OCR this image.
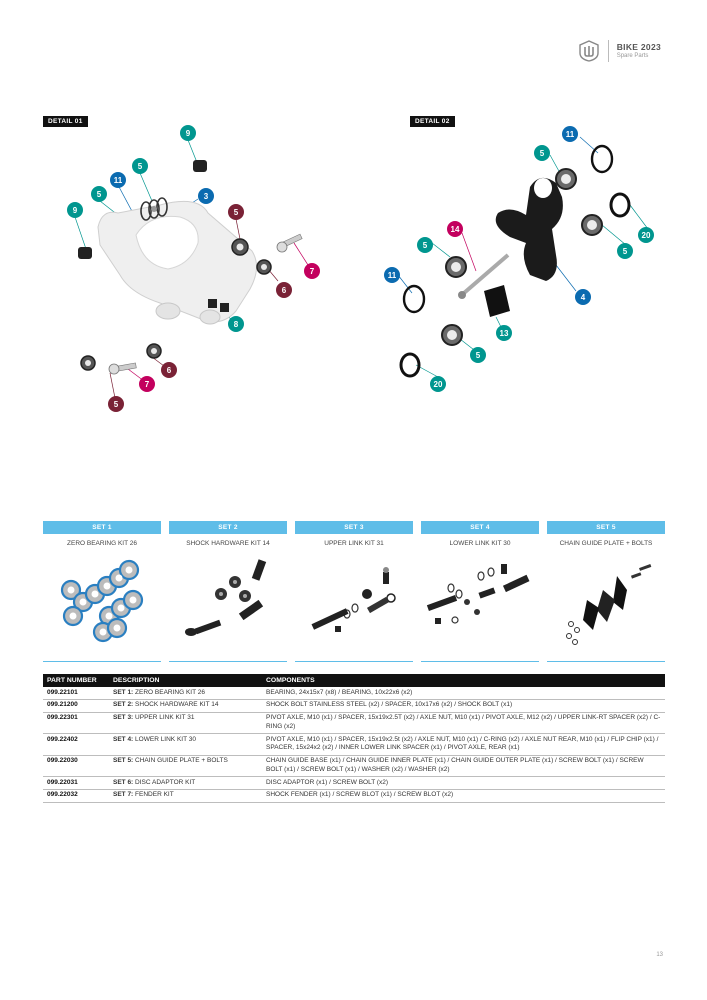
BIKE 2023
Spare Parts
DETAIL 01	DETAIL 02
9
5
11
5	3
9	5
7
6
8
6
7
5
11
5
20
5
14
5
11
4
13
5
20
SET 1
ZERO BEARING KIT 26
SET 2
SHOCK HARDWARE KIT 14
SET 3
UPPER LINK KIT 31
SET 4
LOWER LINK KIT 30
SET 5
CHAIN GUIDE PLATE + BOLTS
PART NUMBER	DESCRIPTION	COMPONENTS
099.22101	SET 1: ZERO BEARING KIT 26	BEARING, 24x15x7 (x8) / BEARING, 10x22x6 (x2)
099.21200	SET 2: SHOCK HARDWARE KIT 14	SHOCK BOLT STAINLESS STEEL (x2) / SPACER, 10x17x6 (x2) / SHOCK BOLT (x1)
099.22301	SET 3: UPPER LINK KIT 31	PIVOT AXLE, M10 (x1) / SPACER, 15x19x2.5T (x2) / AXLE NUT, M10 (x1) / PIVOT AXLE, M12 (x2) / UPPER LINK-RT SPACER (x2) / C-RING (x2)
099.22402	SET 4: LOWER LINK KIT 30	PIVOT AXLE, M10 (x1) / SPACER, 15x19x2.5t (x2) / AXLE NUT, M10 (x1) / C-RING (x2) / AXLE NUT REAR, M10 (x1) / FLIP CHIP (x1) / SPACER, 15x24x2 (x2) / INNER LOWER LINK SPACER (x1) / PIVOT AXLE, REAR (x1)
099.22030	SET 5: CHAIN GUIDE PLATE + BOLTS	CHAIN GUIDE BASE (x1) / CHAIN GUIDE INNER PLATE (x1) / CHAIN GUIDE OUTER PLATE (x1) / SCREW BOLT (x1) / SCREW BOLT (x1) / SCREW BOLT (x1) / WASHER (x2) / WASHER (x2)
099.22031	SET 6: DISC ADAPTOR KIT	DISC ADAPTOR (x1) / SCREW BOLT (x2)
099.22032	SET 7: FENDER KIT	SHOCK FENDER (x1) / SCREW BLOT (x1) / SCREW BLOT (x2)
13
